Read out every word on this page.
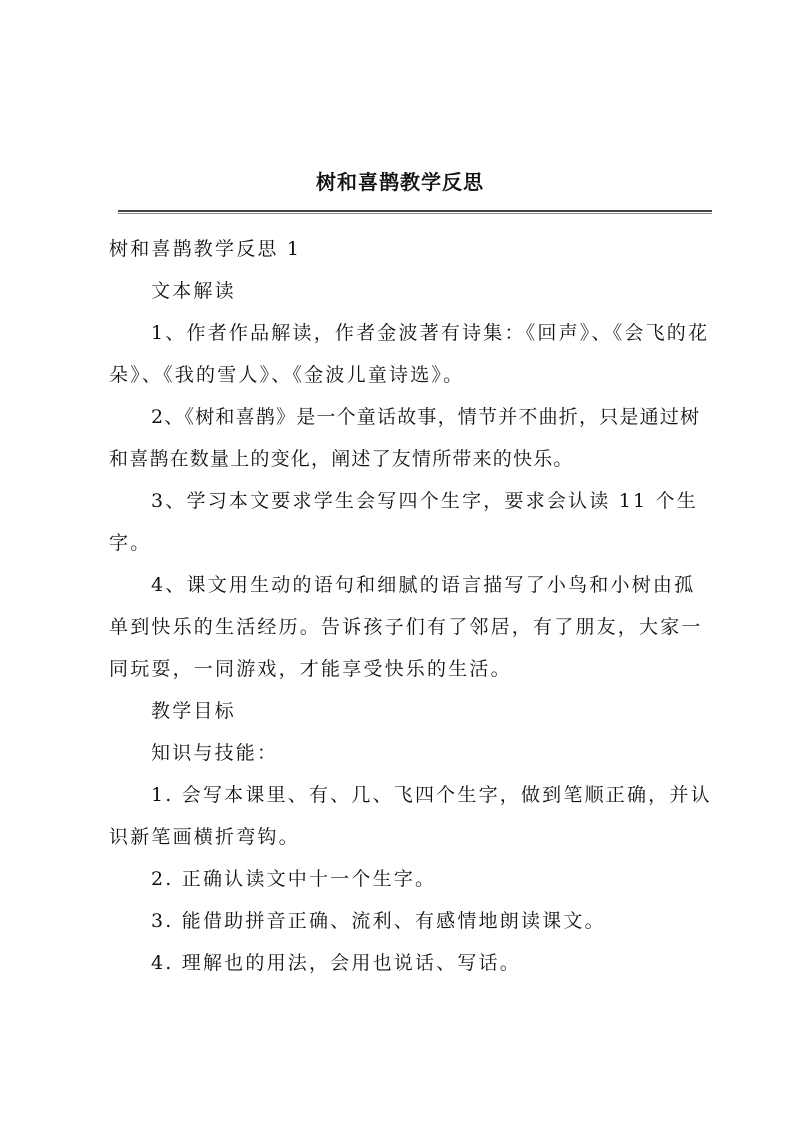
树和喜鹊教学反思

树和喜鹊教学反思 1

文本解读

1、作者作品解读，作者金波著有诗集：《回声》、《会飞的花朵》、《我的雪人》、《金波儿童诗选》。

2、《树和喜鹊》是一个童话故事，情节并不曲折，只是通过树和喜鹊在数量上的变化，阐述了友情所带来的快乐。

3、学习本文要求学生会写四个生字，要求会认读 11 个生字。

4、课文用生动的语句和细腻的语言描写了小鸟和小树由孤单到快乐的生活经历。告诉孩子们有了邻居，有了朋友，大家一同玩耍，一同游戏，才能享受快乐的生活。

教学目标

知识与技能：

1. 会写本课里、有、几、飞四个生字，做到笔顺正确，并认识新笔画横折弯钩。

2. 正确认读文中十一个生字。

3. 能借助拼音正确、流利、有感情地朗读课文。

4. 理解也的用法，会用也说话、写话。
